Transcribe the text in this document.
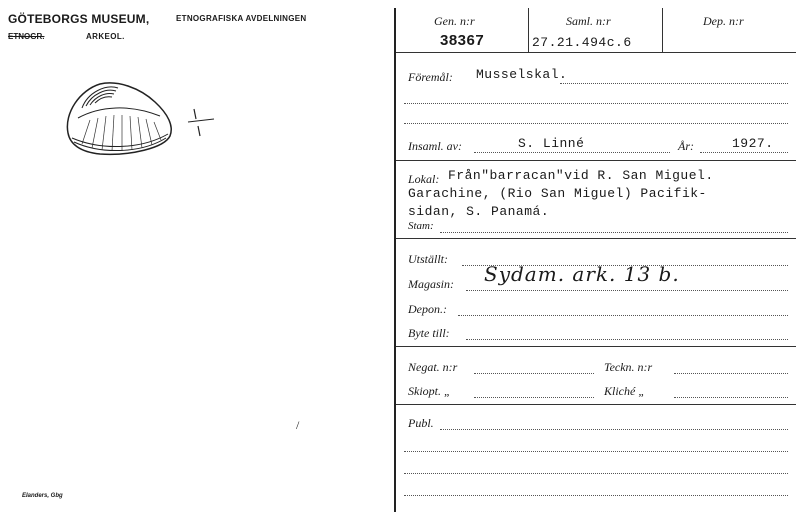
GÖTEBORGS MUSEUM,	ETNOGRAFISKA AVDELNINGEN
ETNOGR.	ARKEOL.
/
Elanders, Gbg
Gen. n:r
38367
Saml. n:r
27.21.494c.6
Dep. n:r
Föremål: Musselskal.
Insaml. av:	S. Linné	År:	1927.
Lokal: Från"barracan"vid R. San Miguel.
Garachine, (Rio San Miguel) Pacifik-
sidan, S. Panamá.
Stam:
Utställt:
Magasin: Sydam. ark. 13 b.
Depon.:
Byte till:
Negat. n:r	Teckn. n:r
Skiopt. „	Kliché „
Publ.
